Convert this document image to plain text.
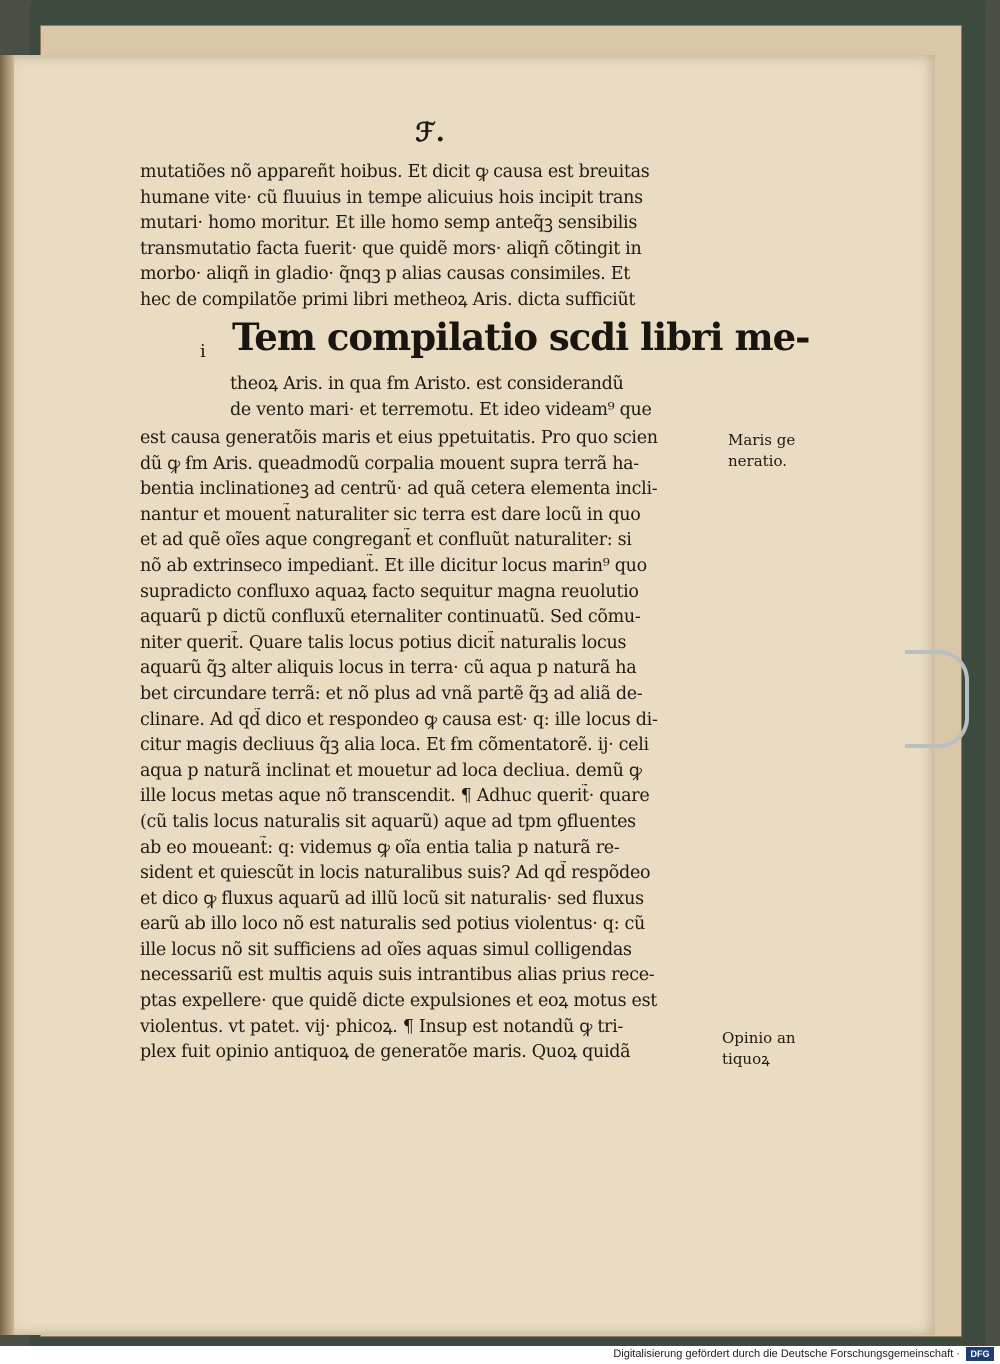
ℱ.
mutatiões nõ appareñt hoibus. Et dicit ꝙ causa est breuitas
humane vite· cũ fluuius in tempe alicuius hois incipit trans
mutari· homo moritur. Et ille homo semp anteq̃ꝫ sensibilis
transmutatio facta fuerit· que quidẽ mors· aliqñ cõtingit in
morbo· aliqñ in gladio· q̃nqꝫ p alias causas consimiles. Et
hec de compilatõe primi libri metheoꝝ Aris. dicta sufficiũt
i Tem compilatio scdi libri me-
theoꝝ Aris. in qua ẜm Aristo. est considerandũ
de vento mari· et terremotu. Et ideo videam⁹ que
est causa generatõis maris et eius ppetuitatis. Pro quo scien
dũ ꝙ ẜm Aris. queadmodũ corpalia mouent supra terrã ha-
bentia inclinationeꝫ ad centrũ· ad quã cetera elementa incli-
nantur et mouent̃ naturaliter sic terra est dare locũ in quo
et ad quẽ oĩes aque congregant̃ et confluũt naturaliter: si
nõ ab extrinseco impediant̃. Et ille dicitur locus marin⁹ quo
supradicto confluxo aquaꝝ facto sequitur magna reuolutio
aquarũ p dictũ confluxũ eternaliter continuatũ. Sed cõmu-
niter querit̃. Quare talis locus potius dicit̃ naturalis locus
aquarũ q̃ꝫ alter aliquis locus in terra· cũ aqua p naturã ha
bet circundare terrã: et nõ plus ad vnã partẽ q̃ꝫ ad aliã de-
clinare. Ad qd̃ dico et respondeo ꝙ causa est· q: ille locus di-
citur magis decliuus q̃ꝫ alia loca. Et ẜm cõmentatorẽ. ij· celi
aqua p naturã inclinat et mouetur ad loca decliua. demũ ꝙ
ille locus metas aque nõ transcendit. ¶ Adhuc querit̃· quare
(cũ talis locus naturalis sit aquarũ) aque ad tpm ꝯfluentes
ab eo moueant̃: q: videmus ꝙ oĩa entia talia p naturã re-
sident et quiescũt in locis naturalibus suis? Ad qd̃ respõdeo
et dico ꝙ fluxus aquarũ ad illũ locũ sit naturalis· sed fluxus
earũ ab illo loco nõ est naturalis sed potius violentus· q: cũ
ille locus nõ sit sufficiens ad oĩes aquas simul colligendas
necessariũ est multis aquis suis intrantibus alias prius rece-
ptas expellere· que quidẽ dicte expulsiones et eoꝝ motus est
violentus. vt patet. vij· phicoꝝ. ¶ Insup est notandũ ꝙ tri-
plex fuit opinio antiquoꝝ de generatõe maris. Quoꝝ quidã
Maris ge
neratio.
Opinio an
tiquoꝝ
Digitalisierung gefördert durch die Deutsche Forschungsgemeinschaft ·	DFG
